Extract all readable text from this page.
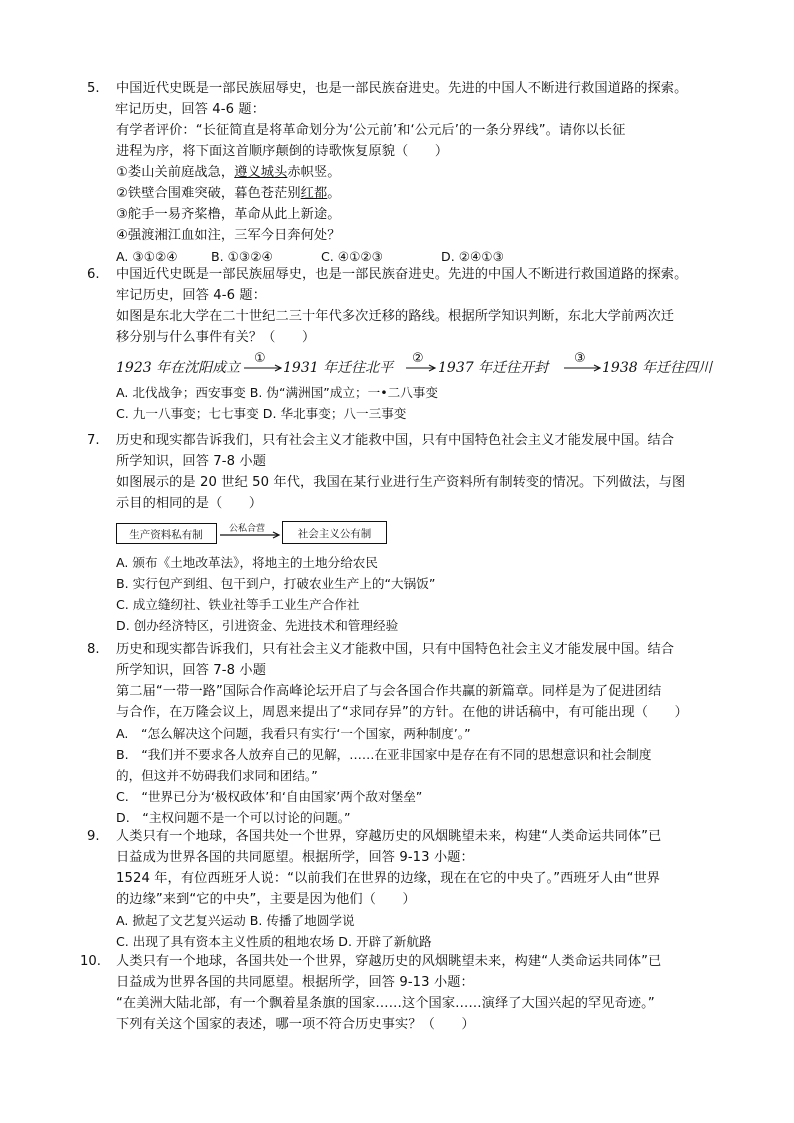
5.	中国近代史既是一部民族屈辱史，也是一部民族奋进史。先进的中国人不断进行救国道路的探索。
牢记历史，回答 4-6 题：
有学者评价：“长征简直是将革命划分为‘公元前’和‘公元后’的一条分界线”。请你以长征
进程为序，将下面这首顺序颠倒的诗歌恢复原貌（　　）
①娄山关前庭战急，遵义城头赤帜竖。
②铁壁合围难突破，暮色苍茫别红都。
③舵手一易齐桨橹，革命从此上新途。
④强渡湘江血如注，三军今日奔何处？
A. ③①②④	B. ①③②④	C. ④①②③	D. ②④①③
6.	中国近代史既是一部民族屈辱史，也是一部民族奋进史。先进的中国人不断进行救国道路的探索。
牢记历史，回答 4-6 题：
如图是东北大学在二十世纪二三十年代多次迁移的路线。根据所学知识判断，东北大学前两次迁
移分别与什么事件有关？（　　）
1923 年在沈阳成立	1931 年迁往北平	1937 年迁往开封	1938 年迁往四川
①	②	③
A. 北伐战争；西安事变 B. 伪“满洲国”成立；一•二八事变
C. 九一八事变；七七事变 D. 华北事变；八一三事变
7.	历史和现实都告诉我们，只有社会主义才能救中国，只有中国特色社会主义才能发展中国。结合
所学知识，回答 7-8 小题
如图展示的是 20 世纪 50 年代，我国在某行业进行生产资料所有制转变的情况。下列做法，与图
示目的相同的是（　　）
生产资料私有制	公私合营	社会主义公有制
A. 颁布《土地改革法》，将地主的土地分给农民
B. 实行包产到组、包干到户，打破农业生产上的“大锅饭”
C. 成立缝纫社、铁业社等手工业生产合作社
D. 创办经济特区，引进资金、先进技术和管理经验
8.	历史和现实都告诉我们，只有社会主义才能救中国，只有中国特色社会主义才能发展中国。结合
所学知识，回答 7-8 小题
第二届“一带一路”国际合作高峰论坛开启了与会各国合作共赢的新篇章。同样是为了促进团结
与合作，在万隆会议上，周恩来提出了“求同存异”的方针。在他的讲话稿中，有可能出现（　　）
A.　“怎么解决这个问题，我看只有实行‘一个国家，两种制度’。”
B.　“我们并不要求各人放弃自己的见解，……在亚非国家中是存在有不同的思想意识和社会制度
的，但这并不妨碍我们求同和团结。”
C.　“世界已分为‘极权政体’和‘自由国家’两个敌对堡垒”
D.　“主权问题不是一个可以讨论的问题。”
9.	人类只有一个地球，各国共处一个世界，穿越历史的风烟眺望未来，构建“人类命运共同体”已
日益成为世界各国的共同愿望。根据所学，回答 9-13 小题：
1524 年，有位西班牙人说：“以前我们在世界的边缘，现在在它的中央了。”西班牙人由“世界
的边缘”来到“它的中央”，主要是因为他们（　　）
A. 掀起了文艺复兴运动 B. 传播了地圆学说
C. 出现了具有资本主义性质的租地农场 D. 开辟了新航路
10.	人类只有一个地球，各国共处一个世界，穿越历史的风烟眺望未来，构建“人类命运共同体”已
日益成为世界各国的共同愿望。根据所学，回答 9-13 小题：
“在美洲大陆北部，有一个飘着星条旗的国家……这个国家……演绎了大国兴起的罕见奇迹。”
下列有关这个国家的表述，哪一项不符合历史事实？（　　）
